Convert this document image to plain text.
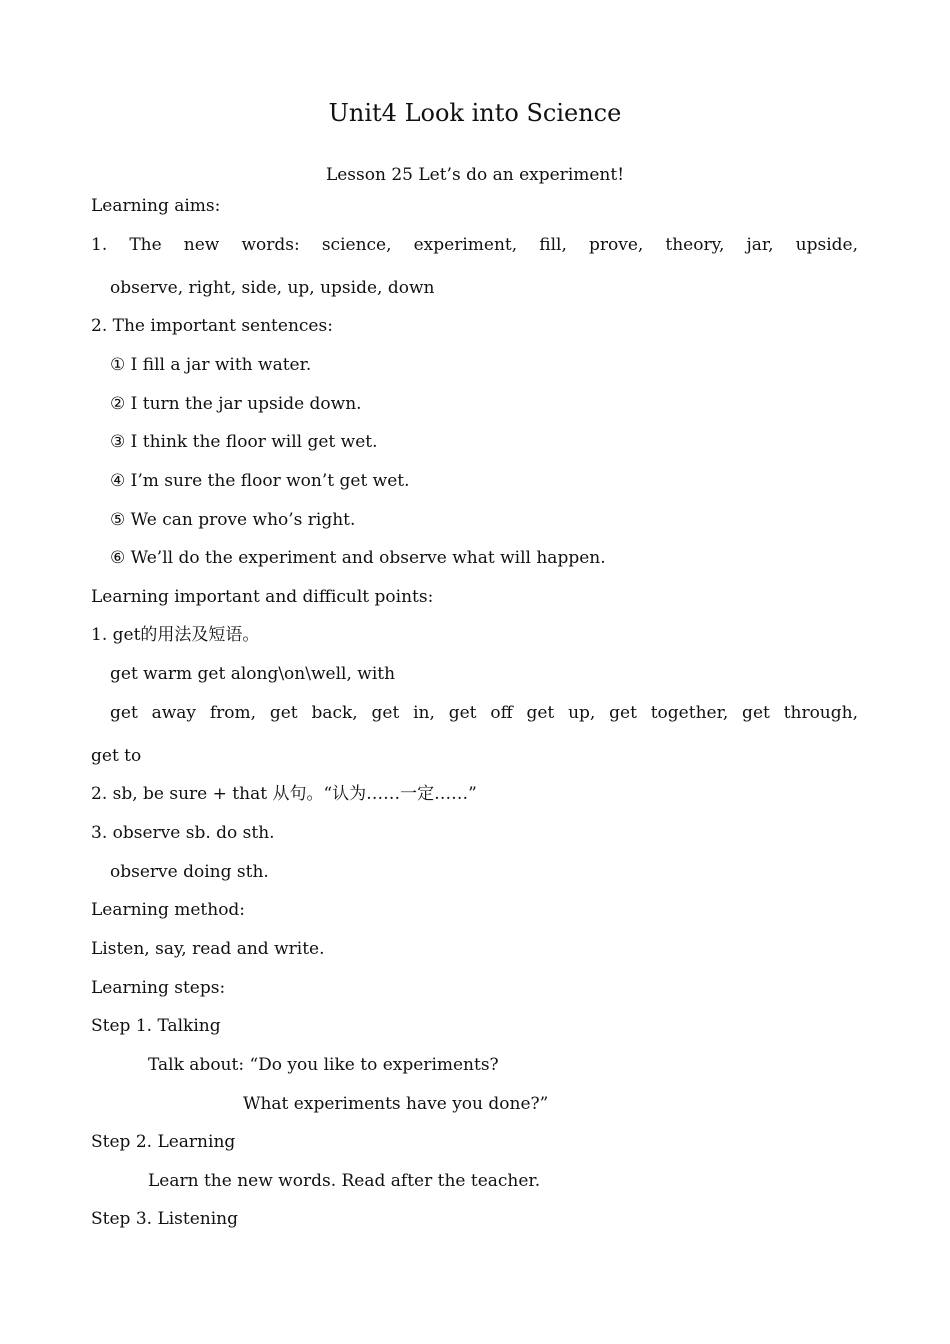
Unit4 Look into Science

Lesson 25 Let’s do an experiment!

Learning aims:

1. The new words: science, experiment, fill, prove, theory, jar, upside,

observe, right, side, up, upside, down

2. The important sentences:

① I fill a jar with water.

② I turn the jar upside down.

③ I think the floor will get wet.

④ I’m sure the floor won’t get wet.

⑤ We can prove who’s right.

⑥ We’ll do the experiment and observe what will happen.

Learning important and difficult points:

1. get的用法及短语。

get warm get along\on\well, with

get away from, get back, get in, get off get up, get together, get through,

get to

2. sb, be sure + that 从句。“认为……一定……”

3. observe sb. do sth.

observe doing sth.

Learning method:

Listen, say, read and write.

Learning steps:

Step 1. Talking

Talk about: “Do you like to experiments?

What experiments have you done?”

Step 2. Learning

Learn the new words. Read after the teacher.

Step 3. Listening
